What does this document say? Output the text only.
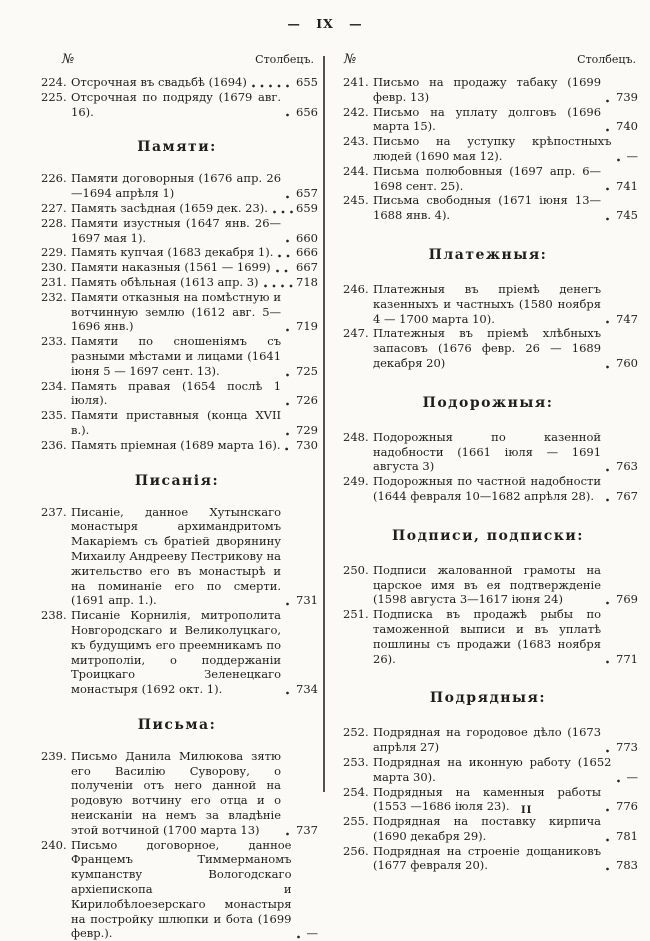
— IX —
№	Столбецъ.
224. Отсрочная въ свадьбѣ (1694)	655
225. Отсрочная по подряду (1679 авг. 16).	656
Памяти:
226. Памяти договорныя (1676 апр. 26—1694 апрѣля 1)	657
227. Память засѣдная (1659 дек. 23). 659
228. Памяти изустныя (1647 янв. 26—1697 мая 1).	660
229. Память купчая (1683 декабря 1). 666
230. Памяти наказныя (1561 — 1699) 667
231. Память обѣльная (1613 апр. 3)	718
232. Памяти отказныя на помѣстную и вотчинную землю (1612 авг. 5—1696 янв.)	719
233. Памяти по сношеніямъ съ разными мѣстами и лицами (1641 іюня 5 — 1697 сент. 13).	725
234. Память правая (1654 послѣ 1 іюля).	726
235. Памяти приставныя (конца XVII в.).	729
236. Память пріемная (1689 марта 16). 730
Писанія:
237. Писаніе, данное Хутынскаго монастыря архимандритомъ Макаріемъ съ братіей дворянину Михаилу Андрееву Пестрикову на жительство его въ монастырѣ и на поминаніе его по смерти. (1691 апр. 1.).	731
238. Писаніе Корнилія, митрополита Новгородскаго и Великолуцкаго, къ будущимъ его преемникамъ по митрополіи, о поддержаніи Троицкаго Зеленецкаго монастыря (1692 окт. 1).	734
Письма:
239. Письмо Данила Милюкова зятю его Василію Суворову, о полученіи отъ него данной на родовую вотчину его отца и о неисканіи на немъ за владѣніе этой вотчиной (1700 марта 13)	737
240. Письмо договорное, данное Францемъ Тиммерманомъ кумпанству Вологодскаго архіепископа и Кирилобѣлоезерскаго монастыря на постройку шлюпки и бота (1699 февр.).	—
№	Столбецъ.
241. Письмо на продажу табаку (1699 февр. 13)	739
242. Письмо на уплату долговъ (1696 марта 15).	740
243. Письмо на уступку крѣпостныхъ людей (1690 мая 12).	—
244. Письма полюбовныя (1697 апр. 6—1698 сент. 25).	741
245. Письма свободныя (1671 іюня 13—1688 янв. 4).	745
Платежныя:
246. Платежныя въ пріемѣ денегъ казенныхъ и частныхъ (1580 ноября 4 — 1700 марта 10).	747
247. Платежныя въ пріемѣ хлѣбныхъ запасовъ (1676 февр. 26 — 1689 декабря 20)	760
Подорожныя:
248. Подорожныя по казенной надобности (1661 іюля — 1691 августа 3)	763
249. Подорожныя по частной надобности (1644 февраля 10—1682 апрѣля 28).	767
Подписи, подписки:
250. Подписи жалованной грамоты на царское имя въ ея подтвержденіе (1598 августа 3—1617 іюня 24)	769
251. Подписка въ продажѣ рыбы по таможенной выписи и въ уплатѣ пошлины съ продажи (1683 ноября 26).	771
Подрядныя:
252. Подрядная на городовое дѣло (1673 апрѣля 27)	773
253. Подрядная на иконную работу (1652 марта 30).	—
254. Подрядныя на каменныя работы (1553 —1686 іюля 23).	776
255. Подрядная на поставку кирпича (1690 декабря 29).	781
256. Подрядная на строеніе дощаниковъ (1677 февраля 20).	783
II
